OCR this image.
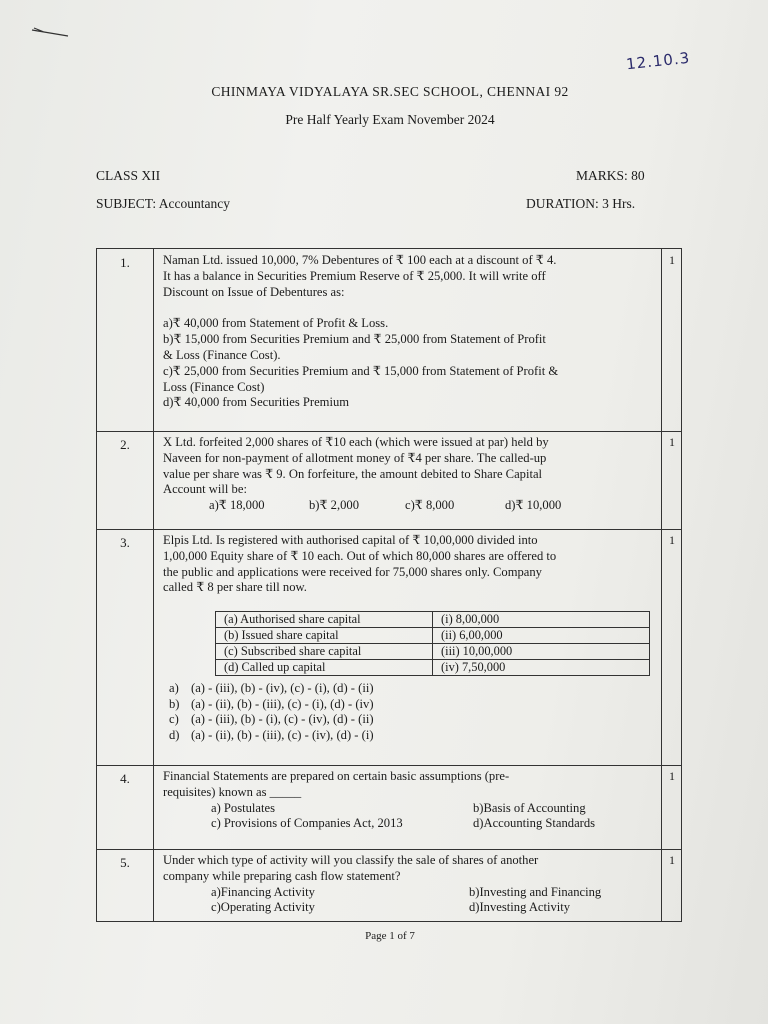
12.10.3
CHINMAYA VIDYALAYA SR.SEC SCHOOL, CHENNAI 92
Pre Half Yearly Exam November 2024
CLASS XII	MARKS: 80
SUBJECT: Accountancy	DURATION: 3 Hrs.
1.	1

Naman Ltd. issued 10,000, 7% Debentures of ₹ 100 each at a discount of ₹ 4.

It has a balance in Securities Premium Reserve of ₹ 25,000. It will write off

Discount on Issue of Debentures as:

a)₹ 40,000 from Statement of Profit & Loss.

b)₹ 15,000 from Securities Premium and ₹ 25,000 from Statement of Profit

& Loss (Finance Cost).

c)₹ 25,000 from Securities Premium and ₹ 15,000 from Statement of Profit &

Loss (Finance Cost)

d)₹ 40,000 from Securities Premium

2.	1

X Ltd. forfeited 2,000 shares of ₹10 each (which were issued at par) held by

Naveen for non-payment of allotment money of ₹4 per share. The called-up

value per share was ₹ 9. On forfeiture, the amount debited to Share Capital

Account will be:

a)₹ 18,000	b)₹ 2,000	c)₹ 8,000	d)₹ 10,000
3.	1

Elpis Ltd. Is registered with authorised capital of ₹ 10,00,000 divided into

1,00,000 Equity share of ₹ 10 each. Out of which 80,000 shares are offered to

the public and applications were received for 75,000 shares only. Company

called ₹ 8 per share till now.

(a) Authorised share capital	(i) 8,00,000
(b) Issued share capital	(ii) 6,00,000
(c) Subscribed share capital	(iii) 10,00,000
(d) Called up capital	(iv) 7,50,000
a) (a) - (iii), (b) - (iv), (c) - (i), (d) - (ii)
b) (a) - (ii), (b) - (iii), (c) - (i), (d) - (iv)
c) (a) - (iii), (b) - (i), (c) - (iv), (d) - (ii)
d) (a) - (ii), (b) - (iii), (c) - (iv), (d) - (i)
4.	1

Financial Statements are prepared on certain basic assumptions (pre-

requisites) known as _____

a) Postulates	b)Basis of Accounting
c) Provisions of Companies Act, 2013	d)Accounting Standards
5.	1

Under which type of activity will you classify the sale of shares of another

company while preparing cash flow statement?

a)Financing Activity	b)Investing and Financing
c)Operating Activity	d)Investing Activity
Page 1 of 7
